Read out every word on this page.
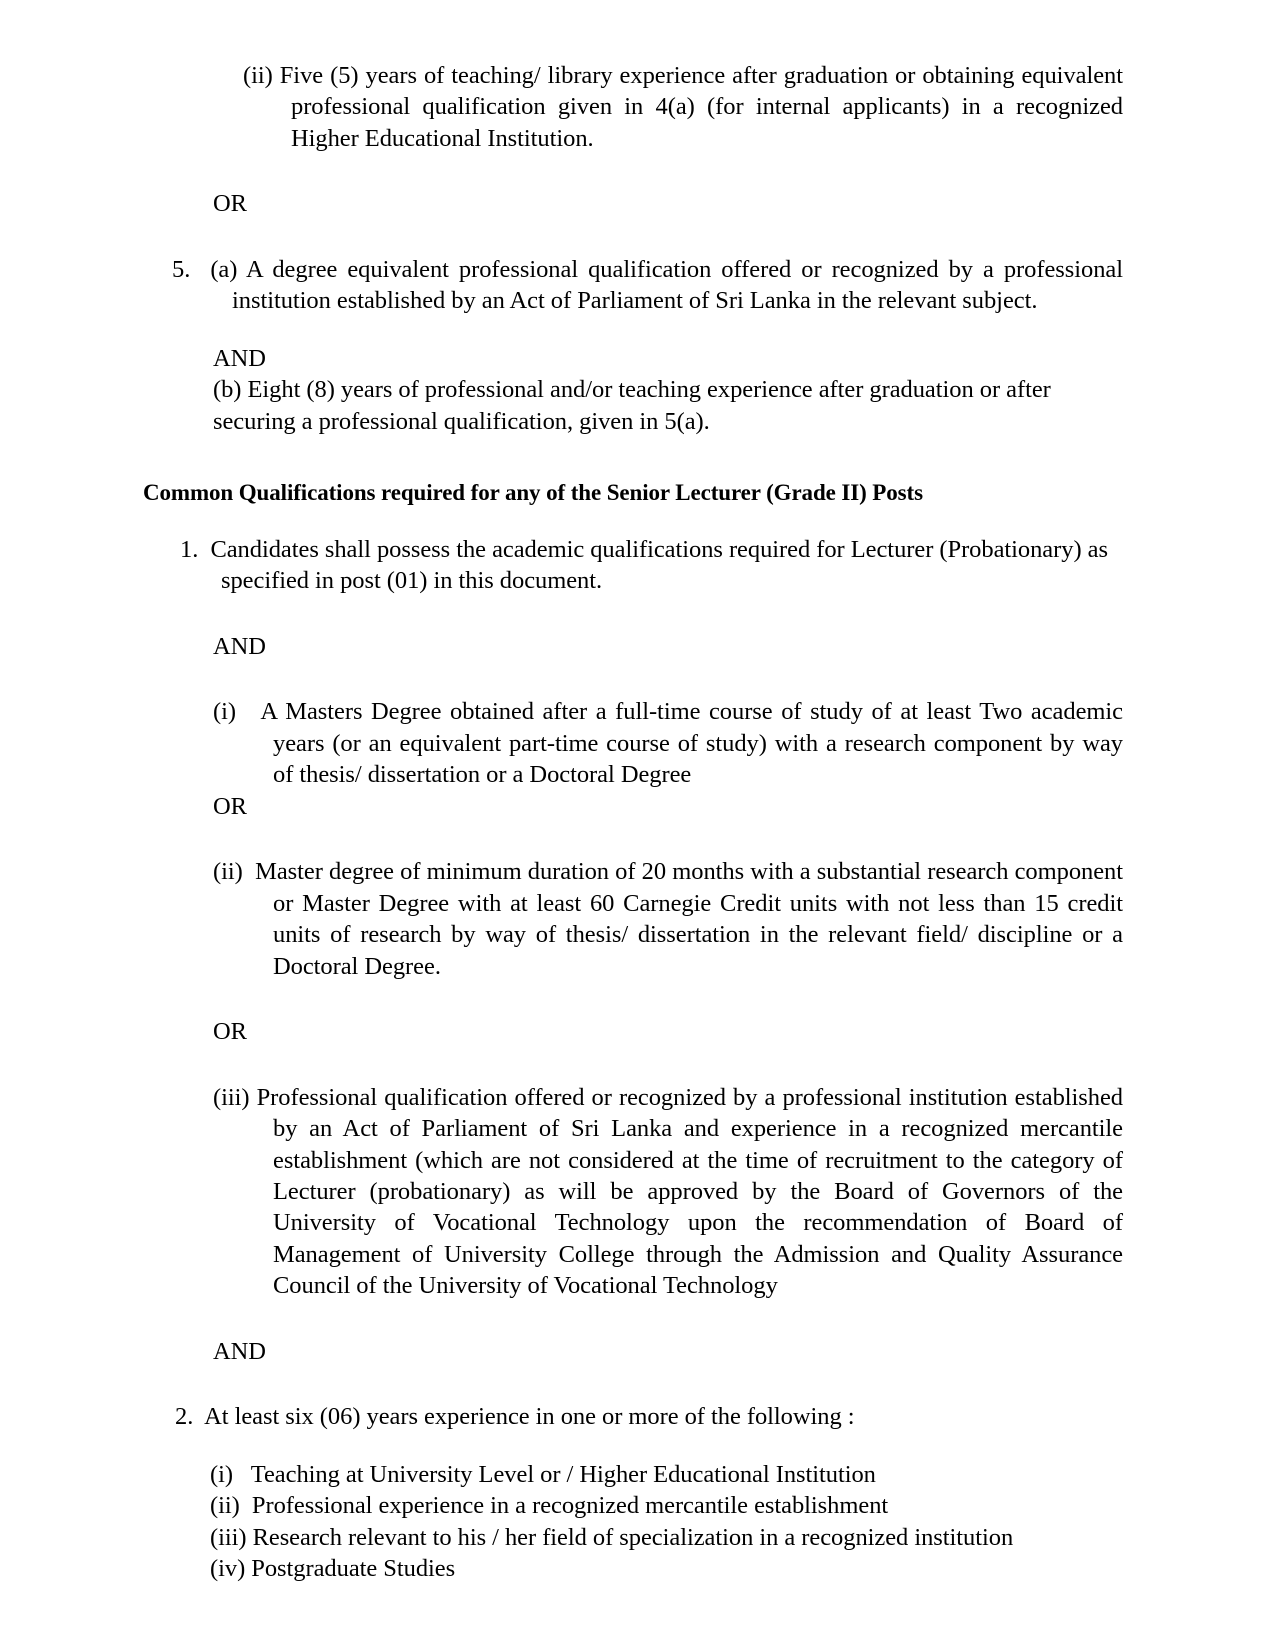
(ii) Five (5) years of teaching/ library experience after graduation or obtaining equivalent professional qualification given in 4(a) (for internal applicants) in a recognized Higher Educational Institution.
OR
5. (a) A degree equivalent professional qualification offered or recognized by a professional institution established by an Act of Parliament of Sri Lanka in the relevant subject.
AND
(b) Eight (8) years of professional and/or teaching experience after graduation or after securing a professional qualification, given in 5(a).
Common Qualifications required for any of the Senior Lecturer (Grade II) Posts
1. Candidates shall possess the academic qualifications required for Lecturer (Probationary) as specified in post (01) in this document.
AND
(i) A Masters Degree obtained after a full-time course of study of at least Two academic years (or an equivalent part-time course of study) with a research component by way of thesis/ dissertation or a Doctoral Degree
OR
(ii) Master degree of minimum duration of 20 months with a substantial research component or Master Degree with at least 60 Carnegie Credit units with not less than 15 credit units of research by way of thesis/ dissertation in the relevant field/ discipline or a Doctoral Degree.
OR
(iii) Professional qualification offered or recognized by a professional institution established by an Act of Parliament of Sri Lanka and experience in a recognized mercantile establishment (which are not considered at the time of recruitment to the category of Lecturer (probationary) as will be approved by the Board of Governors of the University of Vocational Technology upon the recommendation of Board of Management of University College through the Admission and Quality Assurance Council of the University of Vocational Technology
AND
2. At least six (06) years experience in one or more of the following :
(i) Teaching at University Level or / Higher Educational Institution
(ii) Professional experience in a recognized mercantile establishment
(iii) Research relevant to his / her field of specialization in a recognized institution
(iv) Postgraduate Studies
